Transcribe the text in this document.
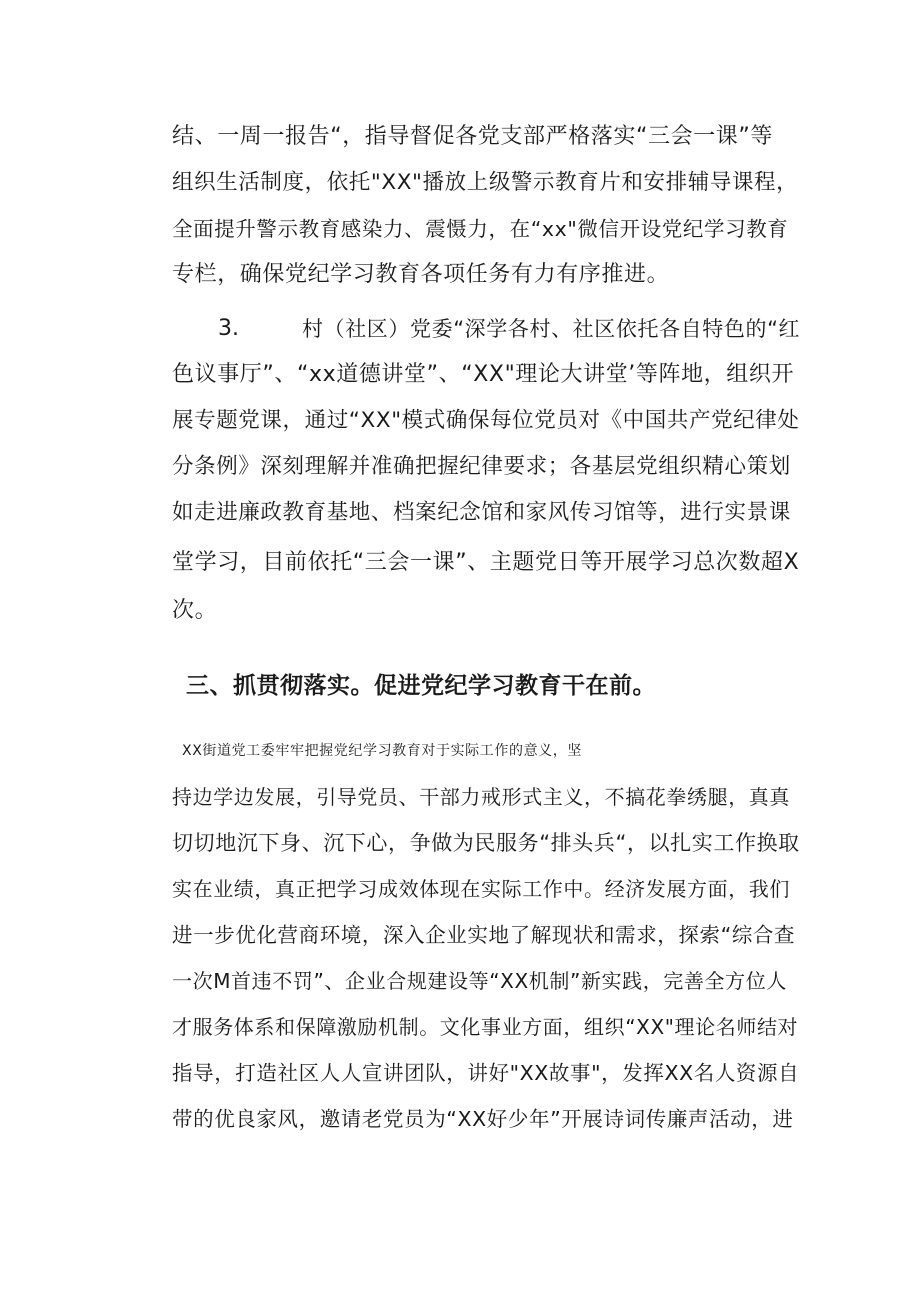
结、一周一报告“，指导督促各党支部严格落实“三会一课”等
组织生活制度，依托"XX"播放上级警示教育片和安排辅导课程，
全面提升警示教育感染力、震慑力，在“xx"微信开设党纪学习教育
专栏，确保党纪学习教育各项任务有力有序推进。
3.	村（社区）党委“深学各村、社区依托各自特色的“红
色议事厅”、“xx道德讲堂”、“XX"理论大讲堂’等阵地，组织开
展专题党课，通过“XX"模式确保每位党员对《中国共产党纪律处
分条例》深刻理解并准确把握纪律要求；各基层党组织精心策划
如走进廉政教育基地、档案纪念馆和家风传习馆等，进行实景课
堂学习，目前依托“三会一课”、主题党日等开展学习总次数超X
次。
三、抓贯彻落实。促进党纪学习教育干在前。
XX街道党工委牢牢把握党纪学习教育对于实际工作的意义，坚
持边学边发展，引导党员、干部力戒形式主义，不搞花拳绣腿，真真
切切地沉下身、沉下心，争做为民服务“排头兵“，以扎实工作换取
实在业绩，真正把学习成效体现在实际工作中。经济发展方面，我们
进一步优化营商环境，深入企业实地了解现状和需求，探索“综合查
一次M首违不罚”、企业合规建设等“XX机制”新实践，完善全方位人
才服务体系和保障激励机制。文化事业方面，组织“XX"理论名师结对
指导，打造社区人人宣讲团队，讲好"XX故事"，发挥XX名人资源自
带的优良家风，邀请老党员为“XX好少年”开展诗词传廉声活动，进
